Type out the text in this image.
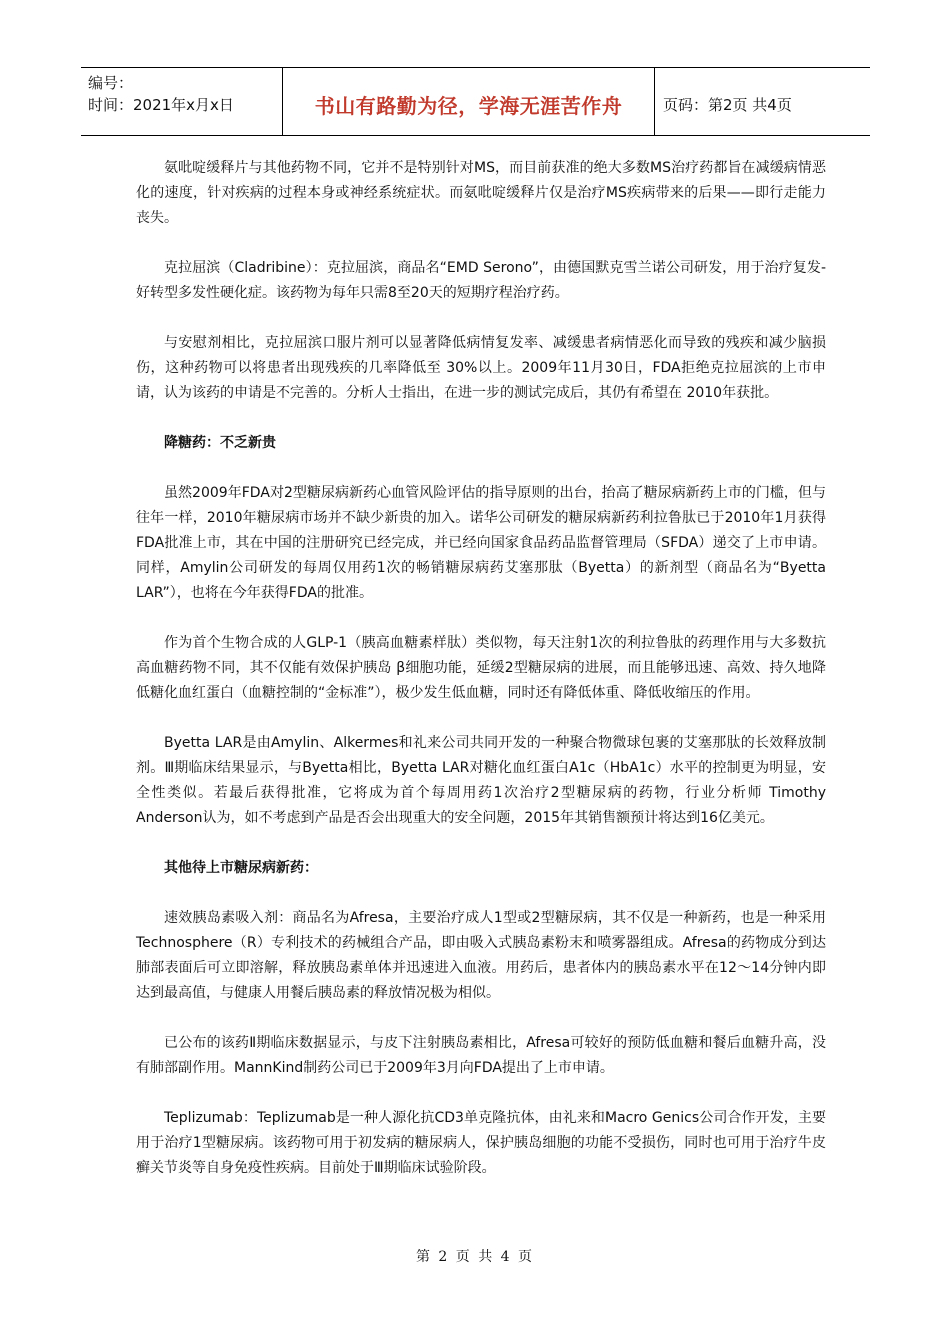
编号：
时间：2021年x月x日	书山有路勤为径，学海无涯苦作舟	页码：第2页 共4页

氨吡啶缓释片与其他药物不同，它并不是特别针对MS，而目前获准的绝大多数MS治疗药都旨在减缓病情恶化的速度，针对疾病的过程本身或神经系统症状。而氨吡啶缓释片仅是治疗MS疾病带来的后果——即行走能力丧失。

克拉屈滨（Cladribine）：克拉屈滨，商品名“EMD Serono”，由德国默克雪兰诺公司研发，用于治疗复发-好转型多发性硬化症。该药物为每年只需8至20天的短期疗程治疗药。

与安慰剂相比，克拉屈滨口服片剂可以显著降低病情复发率、减缓患者病情恶化而导致的残疾和减少脑损伤，这种药物可以将患者出现残疾的几率降低至 30%以上。2009年11月30日，FDA拒绝克拉屈滨的上市申请，认为该药的申请是不完善的。分析人士指出，在进一步的测试完成后，其仍有希望在 2010年获批。

降糖药：不乏新贵

虽然2009年FDA对2型糖尿病新药心血管风险评估的指导原则的出台，抬高了糖尿病新药上市的门槛，但与往年一样，2010年糖尿病市场并不缺少新贵的加入。诺华公司研发的糖尿病新药利拉鲁肽已于2010年1月获得FDA批准上市，其在中国的注册研究已经完成，并已经向国家食品药品监督管理局（SFDA）递交了上市申请。同样，Amylin公司研发的每周仅用药1次的畅销糖尿病药艾塞那肽（Byetta）的新剂型（商品名为“Byetta LAR”），也将在今年获得FDA的批准。

作为首个生物合成的人GLP-1（胰高血糖素样肽）类似物，每天注射1次的利拉鲁肽的药理作用与大多数抗高血糖药物不同，其不仅能有效保护胰岛 β细胞功能，延缓2型糖尿病的进展，而且能够迅速、高效、持久地降低糖化血红蛋白（血糖控制的“金标准”），极少发生低血糖，同时还有降低体重、降低收缩压的作用。

Byetta LAR是由Amylin、Alkermes和礼来公司共同开发的一种聚合物微球包裹的艾塞那肽的长效释放制剂。Ⅲ期临床结果显示，与Byetta相比，Byetta LAR对糖化血红蛋白A1c（HbA1c）水平的控制更为明显，安全性类似。若最后获得批准，它将成为首个每周用药1次治疗2型糖尿病的药物，行业分析师 Timothy Anderson认为，如不考虑到产品是否会出现重大的安全问题，2015年其销售额预计将达到16亿美元。

其他待上市糖尿病新药：

速效胰岛素吸入剂：商品名为Afresa，主要治疗成人1型或2型糖尿病，其不仅是一种新药，也是一种采用Technosphere（R）专利技术的药械组合产品，即由吸入式胰岛素粉末和喷雾器组成。Afresa的药物成分到达肺部表面后可立即溶解，释放胰岛素单体并迅速进入血液。用药后，患者体内的胰岛素水平在12～14分钟内即达到最高值，与健康人用餐后胰岛素的释放情况极为相似。

已公布的该药Ⅱ期临床数据显示，与皮下注射胰岛素相比，Afresa可较好的预防低血糖和餐后血糖升高，没有肺部副作用。MannKind制药公司已于2009年3月向FDA提出了上市申请。

Teplizumab：Teplizumab是一种人源化抗CD3单克隆抗体，由礼来和Macro Genics公司合作开发，主要用于治疗1型糖尿病。该药物可用于初发病的糖尿病人，保护胰岛细胞的功能不受损伤，同时也可用于治疗牛皮癣关节炎等自身免疫性疾病。目前处于Ⅲ期临床试验阶段。

第 2 页 共 4 页
